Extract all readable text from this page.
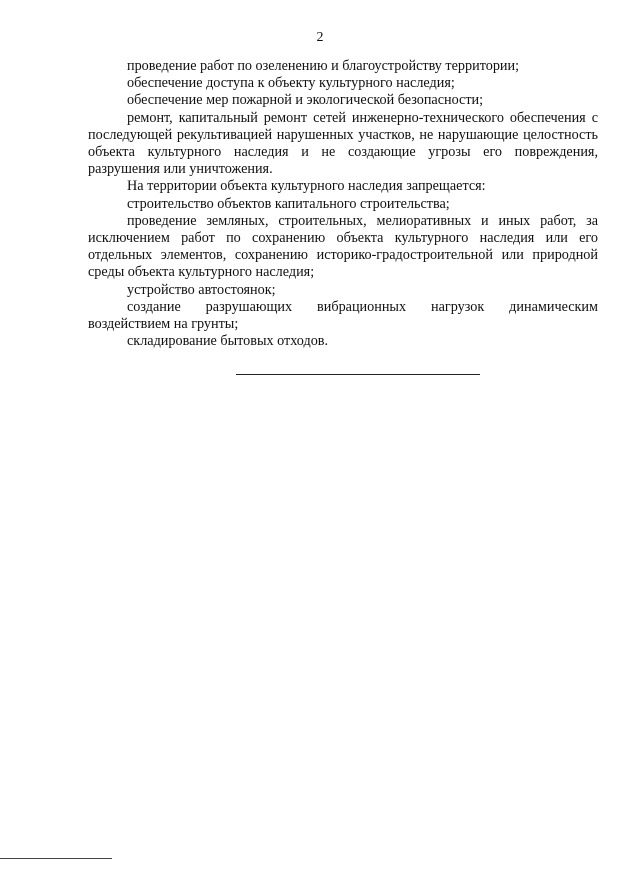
2

проведение работ по озеленению и благоустройству территории;

обеспечение доступа к объекту культурного наследия;

обеспечение мер пожарной и экологической безопасности;

ремонт, капитальный ремонт сетей инженерно-технического обеспечения с последующей рекультивацией нарушенных участков, не нарушающие целостность объекта культурного наследия и не создающие угрозы его повреждения, разрушения или уничтожения.

На территории объекта культурного наследия запрещается:

строительство объектов капитального строительства;

проведение земляных, строительных, мелиоративных и иных работ, за исключением работ по сохранению объекта культурного наследия или его отдельных элементов, сохранению историко-градостроительной или природной среды объекта культурного наследия;

устройство автостоянок;

создание разрушающих вибрационных нагрузок динамическим воздействием на грунты;

складирование бытовых отходов.
